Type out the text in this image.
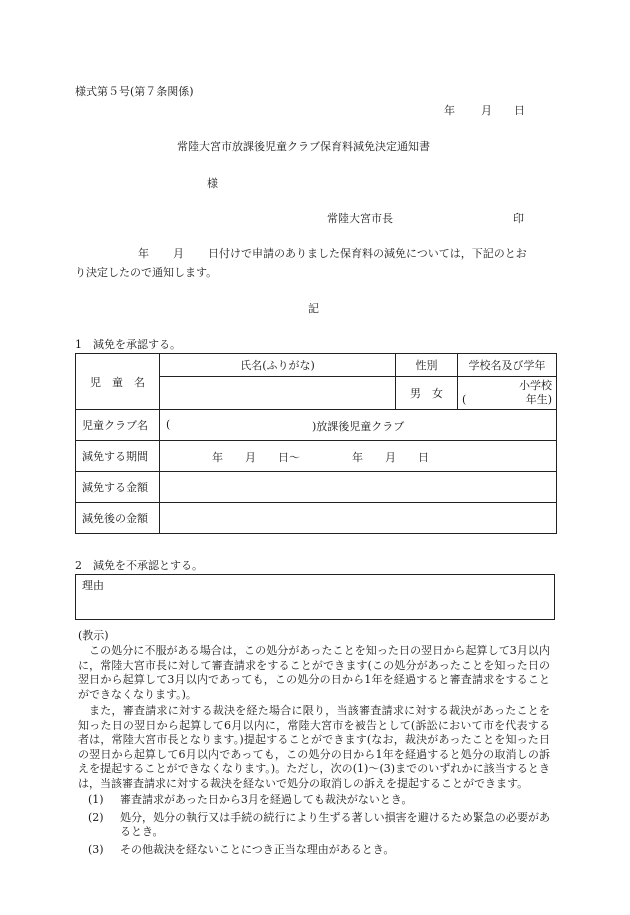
様式第５号(第７条関係)
年 月 日
常陸大宮市放課後児童クラブ保育料減免決定通知書
様
常陸大宮市長	印
年 月 日付けで申請のありました保育料の減免については，下記のとお
り決定したので通知します。
記
1　減免を承認する。
児　童　名	氏名(ふりがな)	性別	学校名及び学年
		男　女	小学校
( 年生)

児童クラブ名	( )放課後児童クラブ		

減免する期間	年　　月　　日～ 年　　月　　日		

減免する金額			
減免後の金額			
2　減免を不承認とする。
理由
(教示)

この処分に不服がある場合は，この処分があったことを知った日の翌日から起算して3月以内に，常陸大宮市長に対して審査請求をすることができます(この処分があったことを知った日の翌日から起算して3月以内であっても，この処分の日から1年を経過すると審査請求をすることができなくなります。)。

また，審査請求に対する裁決を経た場合に限り，当該審査請求に対する裁決があったことを知った日の翌日から起算して6月以内に，常陸大宮市を被告として(訴訟において市を代表する者は，常陸大宮市長となります。)提起することができます(なお，裁決があったことを知った日の翌日から起算して6月以内であっても，この処分の日から1年を経過すると処分の取消しの訴えを提起することができなくなります。)。ただし，次の(1)～(3)までのいずれかに該当するときは，当該審査請求に対する裁決を経ないで処分の取消しの訴えを提起することができます。

(1)	審査請求があった日から3月を経過しても裁決がないとき。

(2)	処分，処分の執行又は手続の続行により生ずる著しい損害を避けるため緊急の必要があるとき。

(3)	その他裁決を経ないことにつき正当な理由があるとき。
